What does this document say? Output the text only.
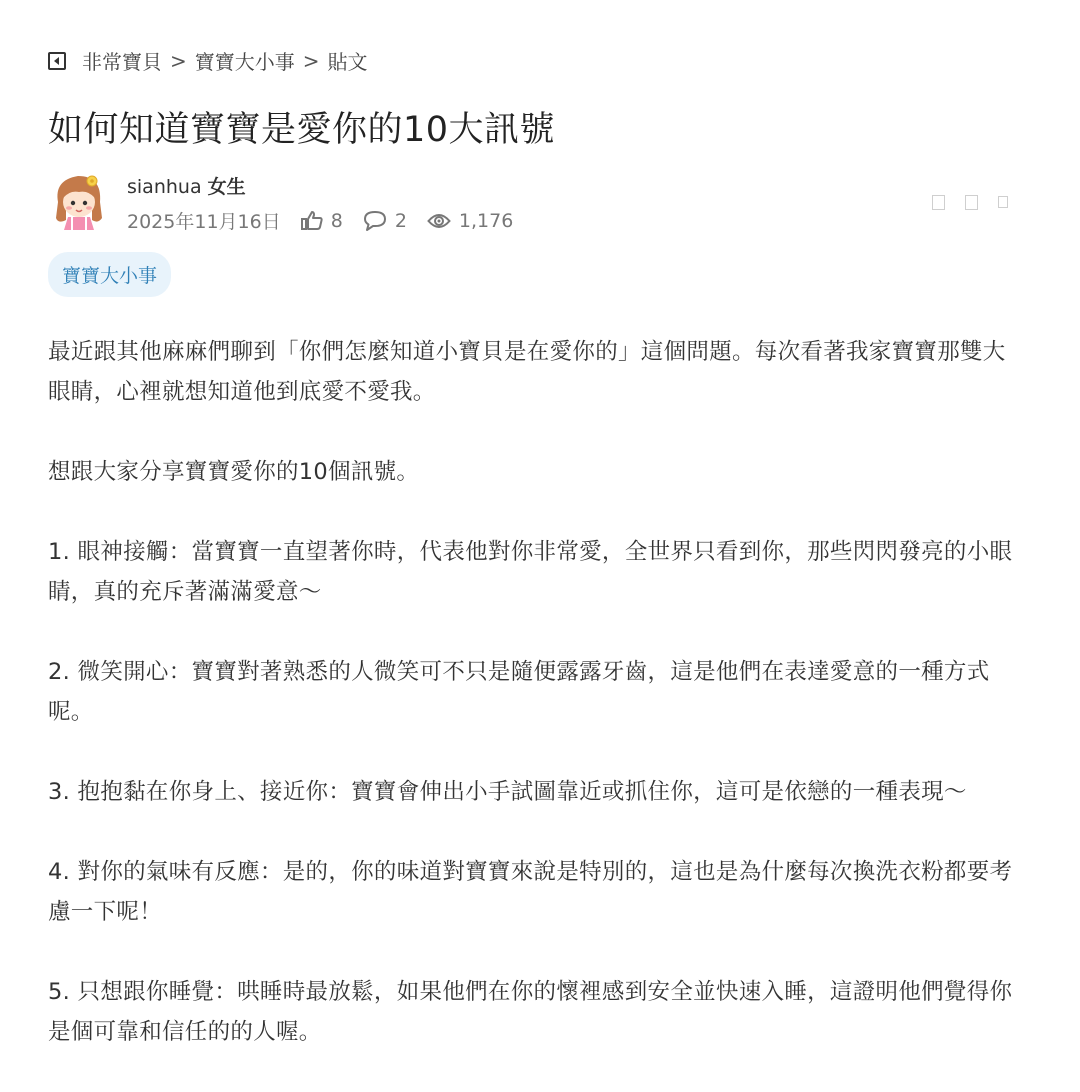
非常寶貝 > 寶寶大小事 > 貼文
如何知道寶寶是愛你的10大訊號
sianhua 女生
2025年11月16日	8	2	1,176
寶寶大小事

最近跟其他麻麻們聊到「你們怎麼知道小寶貝是在愛你的」這個問題。每次看著我家寶寶那雙大眼睛，心裡就想知道他到底愛不愛我。

想跟大家分享寶寶愛你的10個訊號。

1. 眼神接觸：當寶寶一直望著你時，代表他對你非常愛，全世界只看到你，那些閃閃發亮的小眼睛，真的充斥著滿滿愛意～

2. 微笑開心：寶寶對著熟悉的人微笑可不只是隨便露露牙齒，這是他們在表達愛意的一種方式呢。

3. 抱抱黏在你身上、接近你：寶寶會伸出小手試圖靠近或抓住你，這可是依戀的一種表現～

4. 對你的氣味有反應：是的，你的味道對寶寶來說是特別的，這也是為什麼每次換洗衣粉都要考慮一下呢！

5. 只想跟你睡覺：哄睡時最放鬆，如果他們在你的懷裡感到安全並快速入睡，這證明他們覺得你是個可靠和信任的的人喔。
